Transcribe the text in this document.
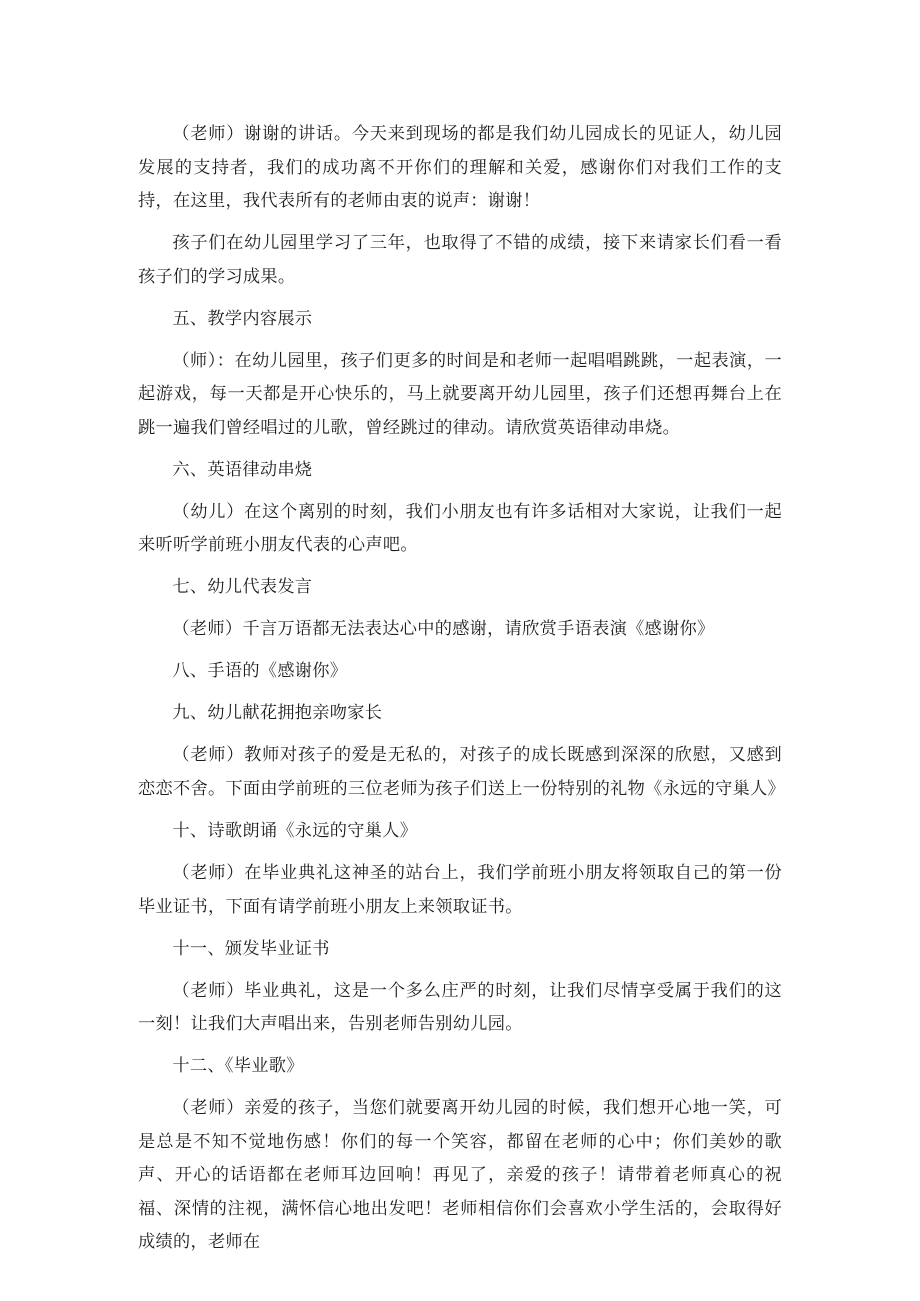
（老师）谢谢的讲话。今天来到现场的都是我们幼儿园成长的见证人，幼儿园发展的支持者，我们的成功离不开你们的理解和关爱，感谢你们对我们工作的支持，在这里，我代表所有的老师由衷的说声：谢谢！

孩子们在幼儿园里学习了三年，也取得了不错的成绩，接下来请家长们看一看孩子们的学习成果。

五、教学内容展示

（师）：在幼儿园里，孩子们更多的时间是和老师一起唱唱跳跳，一起表演，一起游戏，每一天都是开心快乐的，马上就要离开幼儿园里，孩子们还想再舞台上在跳一遍我们曾经唱过的儿歌，曾经跳过的律动。请欣赏英语律动串烧。

六、英语律动串烧

（幼儿）在这个离别的时刻，我们小朋友也有许多话相对大家说，让我们一起来听听学前班小朋友代表的心声吧。

七、幼儿代表发言

（老师）千言万语都无法表达心中的感谢，请欣赏手语表演《感谢你》

八、手语的《感谢你》

九、幼儿献花拥抱亲吻家长

（老师）教师对孩子的爱是无私的，对孩子的成长既感到深深的欣慰，又感到恋恋不舍。下面由学前班的三位老师为孩子们送上一份特别的礼物《永远的守巢人》

十、诗歌朗诵《永远的守巢人》

（老师）在毕业典礼这神圣的站台上，我们学前班小朋友将领取自己的第一份毕业证书，下面有请学前班小朋友上来领取证书。

十一、颁发毕业证书

（老师）毕业典礼，这是一个多么庄严的时刻，让我们尽情享受属于我们的这一刻！让我们大声唱出来，告别老师告别幼儿园。

十二、《毕业歌》

（老师）亲爱的孩子，当您们就要离开幼儿园的时候，我们想开心地一笑，可是总是不知不觉地伤感！你们的每一个笑容，都留在老师的心中；你们美妙的歌声、开心的话语都在老师耳边回响！再见了，亲爱的孩子！请带着老师真心的祝福、深情的注视，满怀信心地出发吧！老师相信你们会喜欢小学生活的，会取得好成绩的，老师在
